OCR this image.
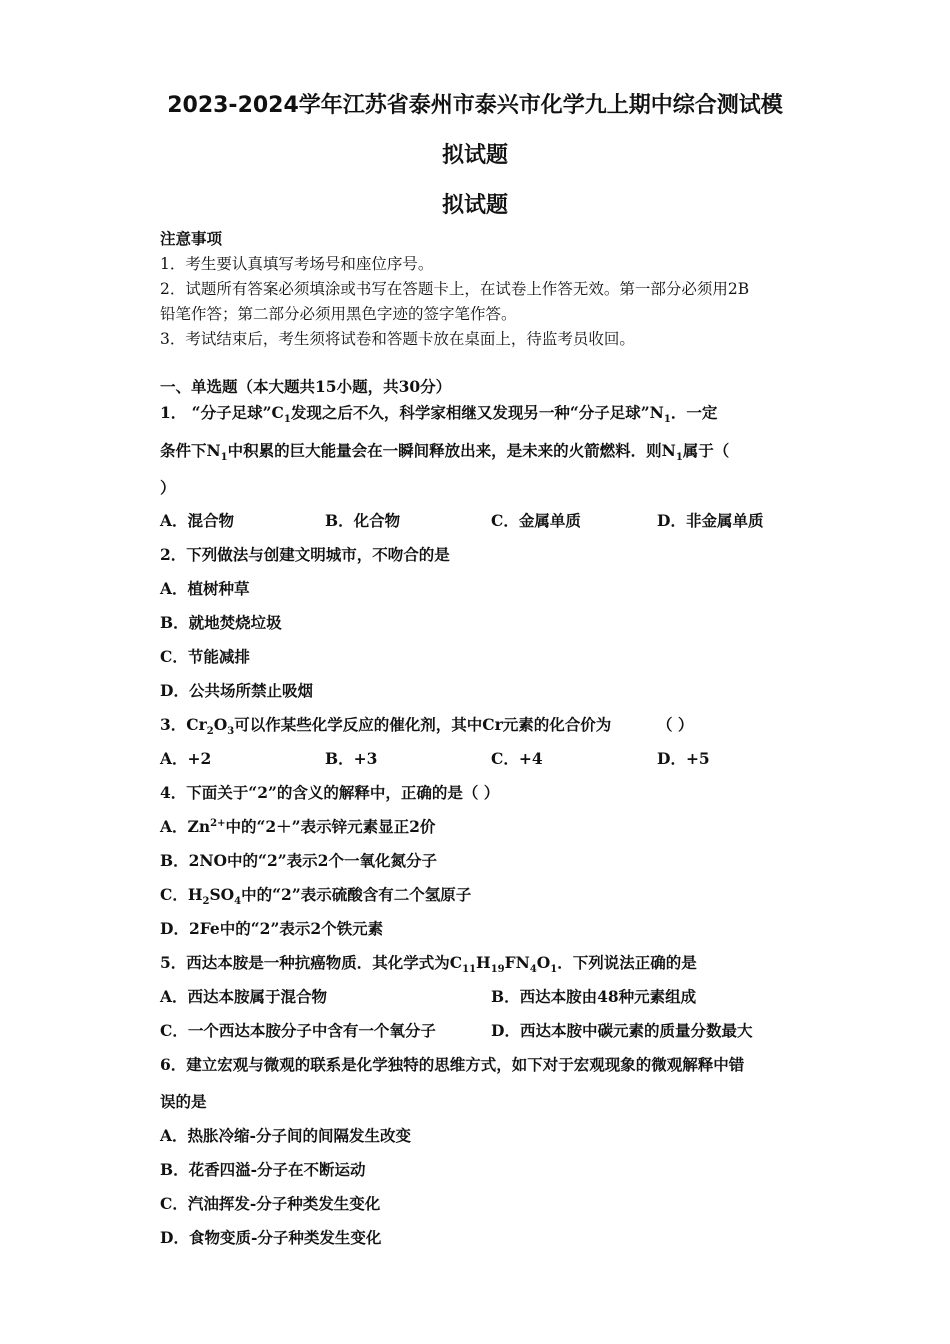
2023-2024学年江苏省泰州市泰兴市化学九上期中综合测试模
拟试题
拟试题
注意事项
1．考生要认真填写考场号和座位序号。
2．试题所有答案必须填涂或书写在答题卡上，在试卷上作答无效。第一部分必须用2B
铅笔作答；第二部分必须用黑色字迹的签字笔作答。
3．考试结束后，考生须将试卷和答题卡放在桌面上，待监考员收回。
一、单选题（本大题共15小题，共30分）
1． “分子足球$”C_1$发现之后不久，科学家相继又发现另一种“分子足球$”N_1$．一定
条件下$N_1$中积累的巨大能量会在一瞬间释放出来，是未来的火箭燃料．则$N_1$属于（
）
A．混合物	B．化合物	C．金属单质	D．非金属单质
2．下列做法与创建文明城市，不吻合的是
A．植树种草
B．就地焚烧垃圾
C．节能减排
D．公共场所禁止吸烟
3．$Cr_2O_3$可以作某些化学反应的催化剂，其中Cr元素的化合价为	（ ）
A．+2	B．+3	C．+4	D．+5
4．下面关于“2”的含义的解释中，正确的是（ ）
A．$Zn^{2+}$中的“2＋”表示锌元素显正2价
B．2NO中的“2”表示2个一氧化氮分子
C．$H_2SO_4$中的“2”表示硫酸含有二个氢原子
D．2Fe中的“2”表示2个铁元素
5．西达本胺是一种抗癌物质．其化学式为$C_{11}H_{19}FN_4O_1$．下列说法正确的是
A．西达本胺属于混合物	B．西达本胺由48种元素组成
C．一个西达本胺分子中含有一个氧分子	D．西达本胺中碳元素的质量分数最大
6．建立宏观与微观的联系是化学独特的思维方式，如下对于宏观现象的微观解释中错
误的是
A．热胀冷缩-分子间的间隔发生改变
B．花香四溢-分子在不断运动
C．汽油挥发-分子种类发生变化
D．食物变质-分子种类发生变化
